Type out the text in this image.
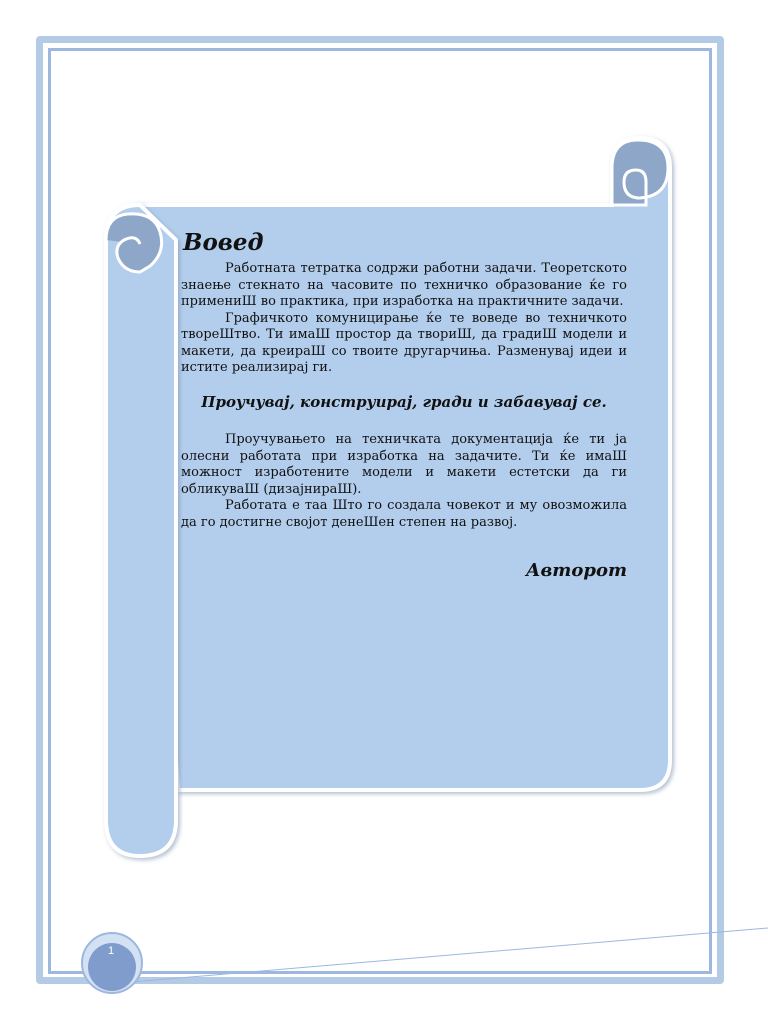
Вовед

Работната тетратка содржи работни задачи. Теоретското знаење стекнато на часовите по техничко образование ќе го примениШ во практика, при изработка на практичните задачи.

Графичкото комуницирање ќе те воведе во техничкото твореШтво. Ти имаШ простор да твориШ, да градиШ модели и макети, да креираШ со твоите другарчиња. Разменувај идеи и истите реализирај ги.

Проучувај, конструирај, гради и забавувај се.

Проучувањето на техничката документација ќе ти ја олесни работата при изработка на задачите. Ти ќе имаШ можност изработените модели и макети естетски да ги обликуваШ (дизајнираШ).

Работата е таа Што го создала човекот и му овозможила да го достигне својот денеШен степен на развој.

Авторот
1
